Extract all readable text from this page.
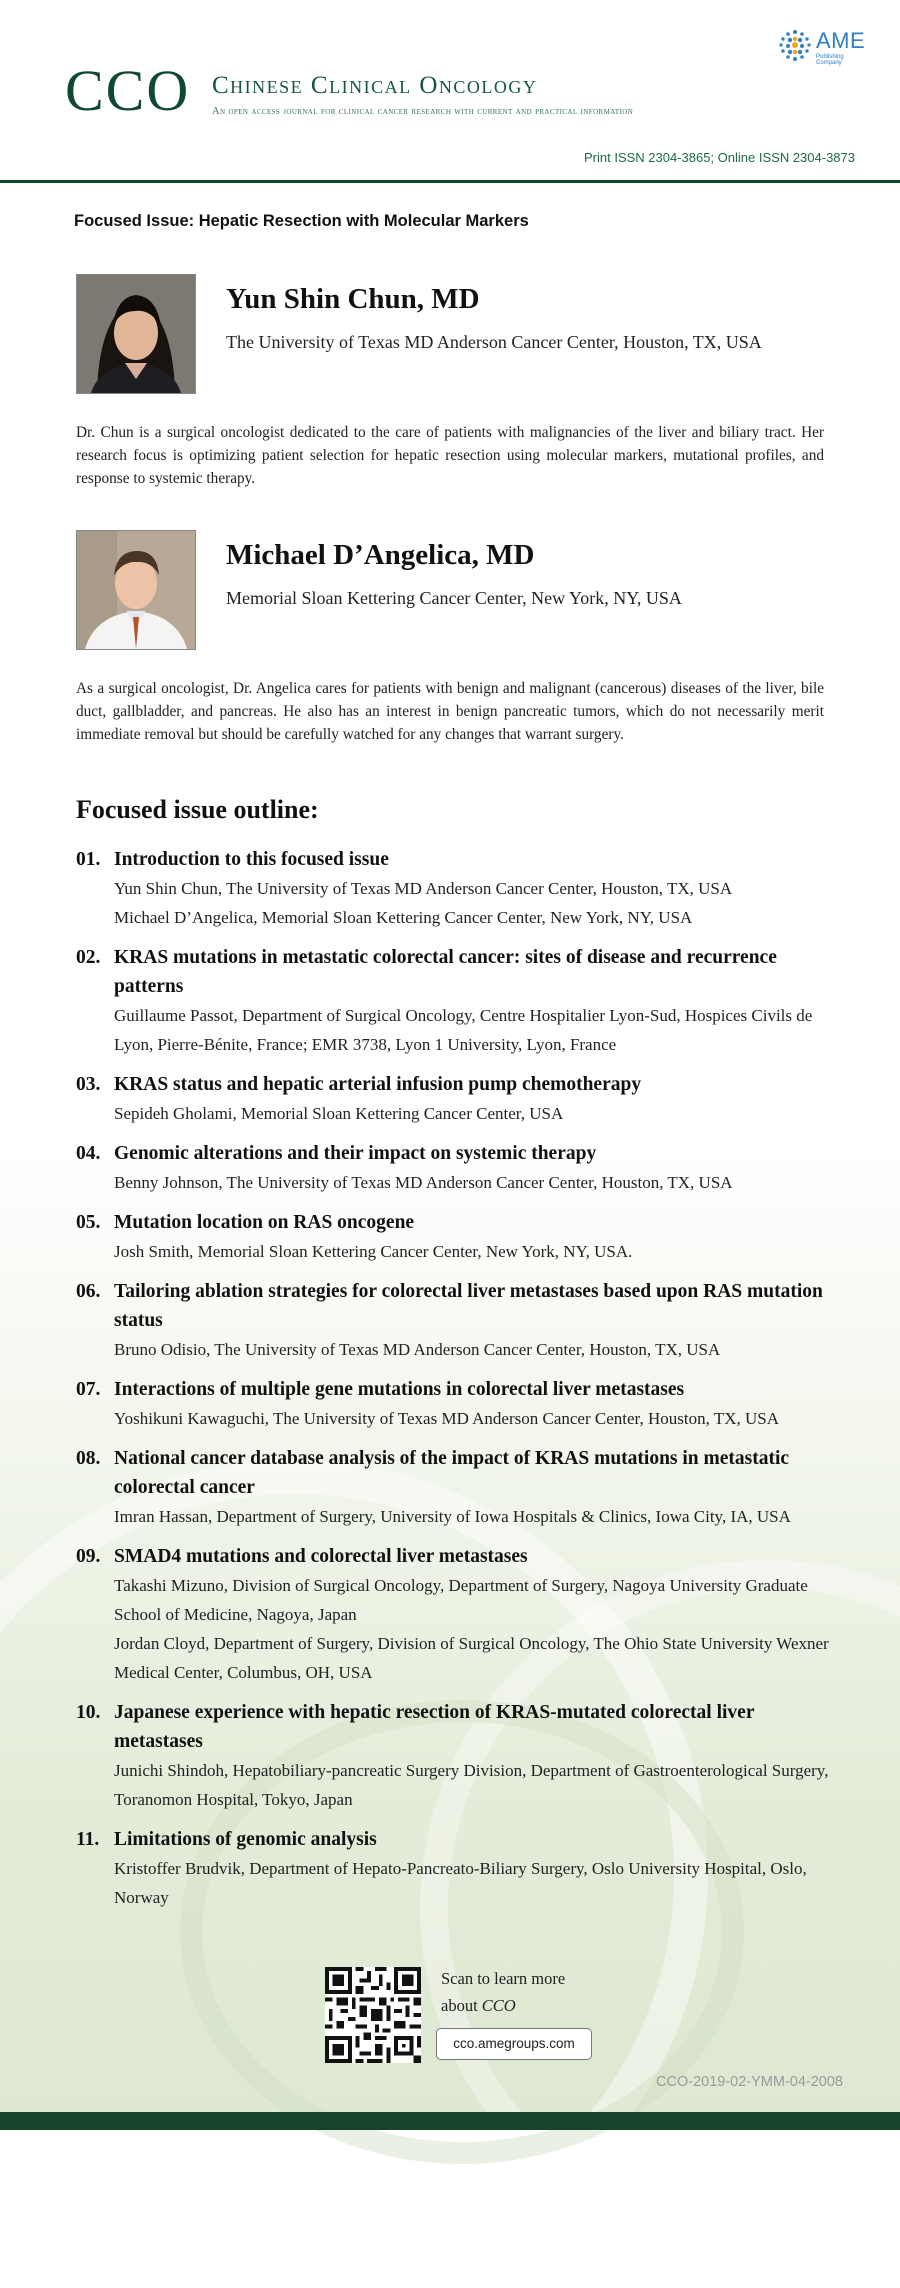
AME
Publishing Company
CCO Chinese Clinical Oncology
An open access journal for clinical cancer research with current and practical information
Print ISSN 2304-3865; Online ISSN 2304-3873
Focused Issue: Hepatic Resection with Molecular Markers
Yun Shin Chun, MD
The University of Texas MD Anderson Cancer Center, Houston, TX, USA
Dr. Chun is a surgical oncologist dedicated to the care of patients with malignancies of the liver and biliary tract. Her research focus is optimizing patient selection for hepatic resection using molecular markers, mutational profiles, and response to systemic therapy.
Michael D’Angelica, MD
Memorial Sloan Kettering Cancer Center, New York, NY, USA
As a surgical oncologist, Dr. Angelica cares for patients with benign and malignant (cancerous) diseases of the liver, bile duct, gallbladder, and pancreas. He also has an interest in benign pancreatic tumors, which do not necessarily merit immediate removal but should be carefully watched for any changes that warrant surgery.
Focused issue outline:
01. Introduction to this focused issue
Yun Shin Chun, The University of Texas MD Anderson Cancer Center, Houston, TX, USA
Michael D’Angelica, Memorial Sloan Kettering Cancer Center, New York, NY, USA
02. KRAS mutations in metastatic colorectal cancer: sites of disease and recurrence patterns
Guillaume Passot, Department of Surgical Oncology, Centre Hospitalier Lyon-Sud, Hospices Civils de Lyon, Pierre-Bénite, France; EMR 3738, Lyon 1 University, Lyon, France
03. KRAS status and hepatic arterial infusion pump chemotherapy
Sepideh Gholami, Memorial Sloan Kettering Cancer Center, USA
04. Genomic alterations and their impact on systemic therapy
Benny Johnson, The University of Texas MD Anderson Cancer Center, Houston, TX, USA
05. Mutation location on RAS oncogene
Josh Smith, Memorial Sloan Kettering Cancer Center, New York, NY, USA.
06. Tailoring ablation strategies for colorectal liver metastases based upon RAS mutation status
Bruno Odisio, The University of Texas MD Anderson Cancer Center, Houston, TX, USA
07. Interactions of multiple gene mutations in colorectal liver metastases
Yoshikuni Kawaguchi, The University of Texas MD Anderson Cancer Center, Houston, TX, USA
08. National cancer database analysis of the impact of KRAS mutations in metastatic colorectal cancer
Imran Hassan, Department of Surgery, University of Iowa Hospitals & Clinics, Iowa City, IA, USA
09. SMAD4 mutations and colorectal liver metastases
Takashi Mizuno, Division of Surgical Oncology, Department of Surgery, Nagoya University Graduate School of Medicine, Nagoya, Japan
Jordan Cloyd, Department of Surgery, Division of Surgical Oncology, The Ohio State University Wexner Medical Center, Columbus, OH, USA
10. Japanese experience with hepatic resection of KRAS-mutated colorectal liver metastases
Junichi Shindoh, Hepatobiliary-pancreatic Surgery Division, Department of Gastroenterological Surgery, Toranomon Hospital, Tokyo, Japan
11. Limitations of genomic analysis
Kristoffer Brudvik, Department of Hepato-Pancreato-Biliary Surgery, Oslo University Hospital, Oslo, Norway
Scan to learn more
about CCO
cco.amegroups.com
CCO-2019-02-YMM-04-2008
